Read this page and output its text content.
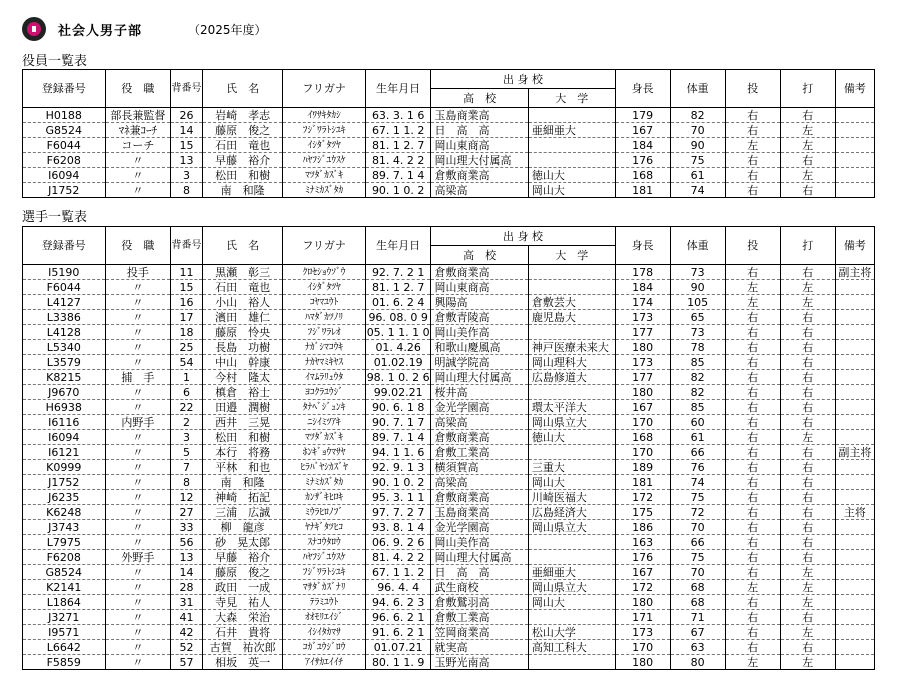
社会人男子部	（2025年度）
役員一覧表
登録番号	役　職	背番号	氏　名	フリガナ	生年月日	出 身 校		身長	体重	投	打	備考
						高　校	大　学					
H0188	部長兼監督	26	岩崎　孝志	ｲﾜｻｷﾀｶｼ	63. 3. 1 6	玉島商業高		179	82	右	右	
G8524	ﾏﾈ兼ｺｰﾁ	14	藤原　俊之	ﾌｼﾞﾜﾗﾄｼﾕｷ	67. 1 1. 2	日　高　高	亜細亜大	167	70	右	左	
F6044	コーチ	15	石田　竜也	ｲｼﾀﾞﾀﾂﾔ	81. 1 2. 7	岡山東商高		184	90	左	左	
F6208	〃	13	早藤　裕介	ﾊﾔﾌｼﾞﾕｳｽｹ	81. 4. 2 2	岡山理大付属高		176	75	右	右	
I6094	〃	3	松田　和樹	ﾏﾂﾀﾞｶｽﾞｷ	89. 7. 1 4	倉敷商業高	徳山大	168	61	右	左	
J1752	〃	8	南　和隆	ﾐﾅﾐｶｽﾞﾀｶ	90. 1 0. 2	高梁高	岡山大	181	74	右	右	
選手一覧表
登録番号	役　職	背番号	氏　名	フリガナ	生年月日	出 身 校		身長	体重	投	打	備考
						高　校	大　学					
I5190	投手	11	黒瀬　彰三	ｸﾛｾｼｮｳｿﾞｳ	92. 7. 2 1	倉敷商業高		178	73	右	右	副主将
F6044	〃	15	石田　竜也	ｲｼﾀﾞﾀﾂﾔ	81. 1 2. 7	岡山東商高		184	90	左	左	
L4127	〃	16	小山　裕人	ｺﾔﾏﾕｳﾄ	01. 6. 2 4	興陽高	倉敷芸大	174	105	左	左	
L3386	〃	17	濱田　雄仁	ﾊﾏﾀﾞｶﾂﾉﾘ	96. 08. 0 9	倉敷青陵高	鹿児島大	173	65	右	右	
L4128	〃	18	藤原　怜央	ﾌｼﾞﾜﾗﾚｵ	05. 1 1. 1 0	岡山美作高		177	73	右	右	
L5340	〃	25	長島　功樹	ﾅｶﾞｼﾏｺｳｷ	01. 4.26	和歌山慶風高	神戸医療未来大	180	78	右	右	
L3579	〃	54	中山　幹康	ﾅｶﾔﾏﾐｷﾔｽ	01.02.19	明誠学院高	岡山理科大	173	85	右	右	
K8215	捕　手	1	今村　隆太	ｲﾏﾑﾗﾘｭｳﾀ	98. 1 0. 2 6	岡山理大付属高	広島修道大	177	82	右	右	
J9670	〃	6	槙倉　裕士	ﾖｺｸﾗﾕｳｼﾞ	99.02.21	桜井高		180	82	右	右	
H6938	〃	22	田邉　潤樹	ﾀﾅﾍﾞｼﾞｭﾝｷ	90. 6. 1 8	金光学園高	環太平洋大	167	85	右	右	
I6116	内野手	2	西井　三晃	ﾆｼｲﾐﾂｱｷ	90. 7. 1 7	高梁高	岡山県立大	170	60	右	右	
I6094	〃	3	松田　和樹	ﾏﾂﾀﾞｶｽﾞｷ	89. 7. 1 4	倉敷商業高	徳山大	168	61	右	左	
I6121	〃	5	本行　将務	ﾎﾝｷﾞｮｳﾏｻﾔ	94. 1 1. 6	倉敷工業高		170	66	右	右	副主将
K0999	〃	7	平林　和也	ﾋﾗﾊﾞﾔｼｶｽﾞﾔ	92. 9. 1 3	横須賀高	三重大	189	76	右	右	
J1752	〃	8	南　和隆	ﾐﾅﾐｶｽﾞﾀｶ	90. 1 0. 2	高梁高	岡山大	181	74	右	右	
J6235	〃	12	神崎　拓記	ｶﾝｻﾞｷﾋﾛｷ	95. 3. 1 1	倉敷商業高	川崎医福大	172	75	右	右	
K6248	〃	27	三浦　広誠	ﾐｳﾗﾋﾛﾉﾌﾞ	97. 7. 2 7	玉島商業高	広島経済大	175	72	右	右	主将
J3743	〃	33	柳　龍彦	ﾔﾅｷﾞﾀﾂﾋｺ	93. 8. 1 4	金光学園高	岡山県立大	186	70	右	右	
L7975	〃	56	砂　晃太郎	ｽﾅｺｳﾀﾛｳ	06. 9. 2 6	岡山美作高		163	66	右	右	
F6208	外野手	13	早藤　裕介	ﾊﾔﾌｼﾞﾕｳｽｹ	81. 4. 2 2	岡山理大付属高		176	75	右	右	
G8524	〃	14	藤原　俊之	ﾌｼﾞﾜﾗﾄｼﾕｷ	67. 1 1. 2	日　高　高	亜細亜大	167	70	右	左	
K2141	〃	28	政田　一成	ﾏｻﾀﾞｶｽﾞﾅﾘ	96. 4. 4	武生商校	岡山県立大	172	68	左	左	
L1864	〃	31	寺見　祐人	ﾃﾗﾐﾕｳﾄ	94. 6. 2 3	倉敷鷲羽高	岡山大	180	68	右	左	
J3271	〃	41	大森　栄治	ｵｵﾓﾘｴｲｼﾞ	96. 6. 2 1	倉敷工業高		171	71	右	右	
I9571	〃	42	石井　貴将	ｲｼｲﾀｶﾏｻ	91. 6. 2 1	笠岡商業高	松山大学	173	67	右	左	
L6642	〃	52	古賀　祐次郎	ｺｶﾞﾕｳｼﾞﾛｳ	01.07.21	就実高	高知工科大	170	63	右	右	
F5859	〃	57	相坂　英一	ｱｲｻｶｴｲｲﾁ	80. 1 1. 9	玉野光南高		180	80	左	左	
